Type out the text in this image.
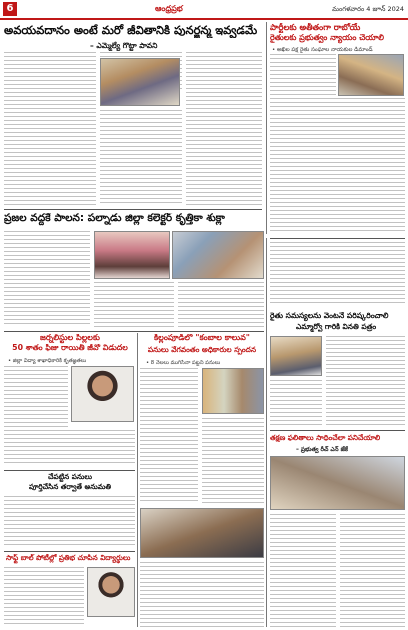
6	ఆంధ్రప్రభ	మంగళవారం 4 జూన్ 2024
అవయవదానం అంటే మరో జీవితానికి పునర్జన్మ ఇవ్వడమే
– ఎమ్మెల్యే గొట్టా పావని
పార్టీలకు అతీతంగా రాబోయే
రైతులకు ప్రభుత్వం న్యాయం చేయాలి
• అఖిల పక్ష రైతు సంఘాల నాయకుల డిమాండ్
ప్రజల వద్దకే పాలన: పల్నాడు జిల్లా కలెక్టర్ కృత్తికా శుక్లా
రైతు సమస్యలను వెంటనే పరిష్కరించాలి
ఎమ్మార్వో గారికి వినతి పత్రం
జర్నలిస్టుల పిల్లలకు
50 శాతం ఫీజు రాయితీ జీవో విడుదల
• జిల్లా విద్యా శాఖాధికారికి కృతజ్ఞతలు
చేపట్టిన పనులు
పూర్తిచేసిన తర్వాతే అనుమతి
సాఫ్ట్ బాల్ పోటీల్లో ప్రతిభ చూపిన విద్యార్థులు
కిల్లంపూడిలో "కంబాల కాలువ"
పనులు వేగవంతం అధికారుల స్పందన
• 8 నెలలు ముగిసినా పట్టని పనులు
తక్షణ ఫలితాలు సాధించేలా పనిచేయాలి
– ప్రభుత్వ రీచ్ ఎన్ జేకే
